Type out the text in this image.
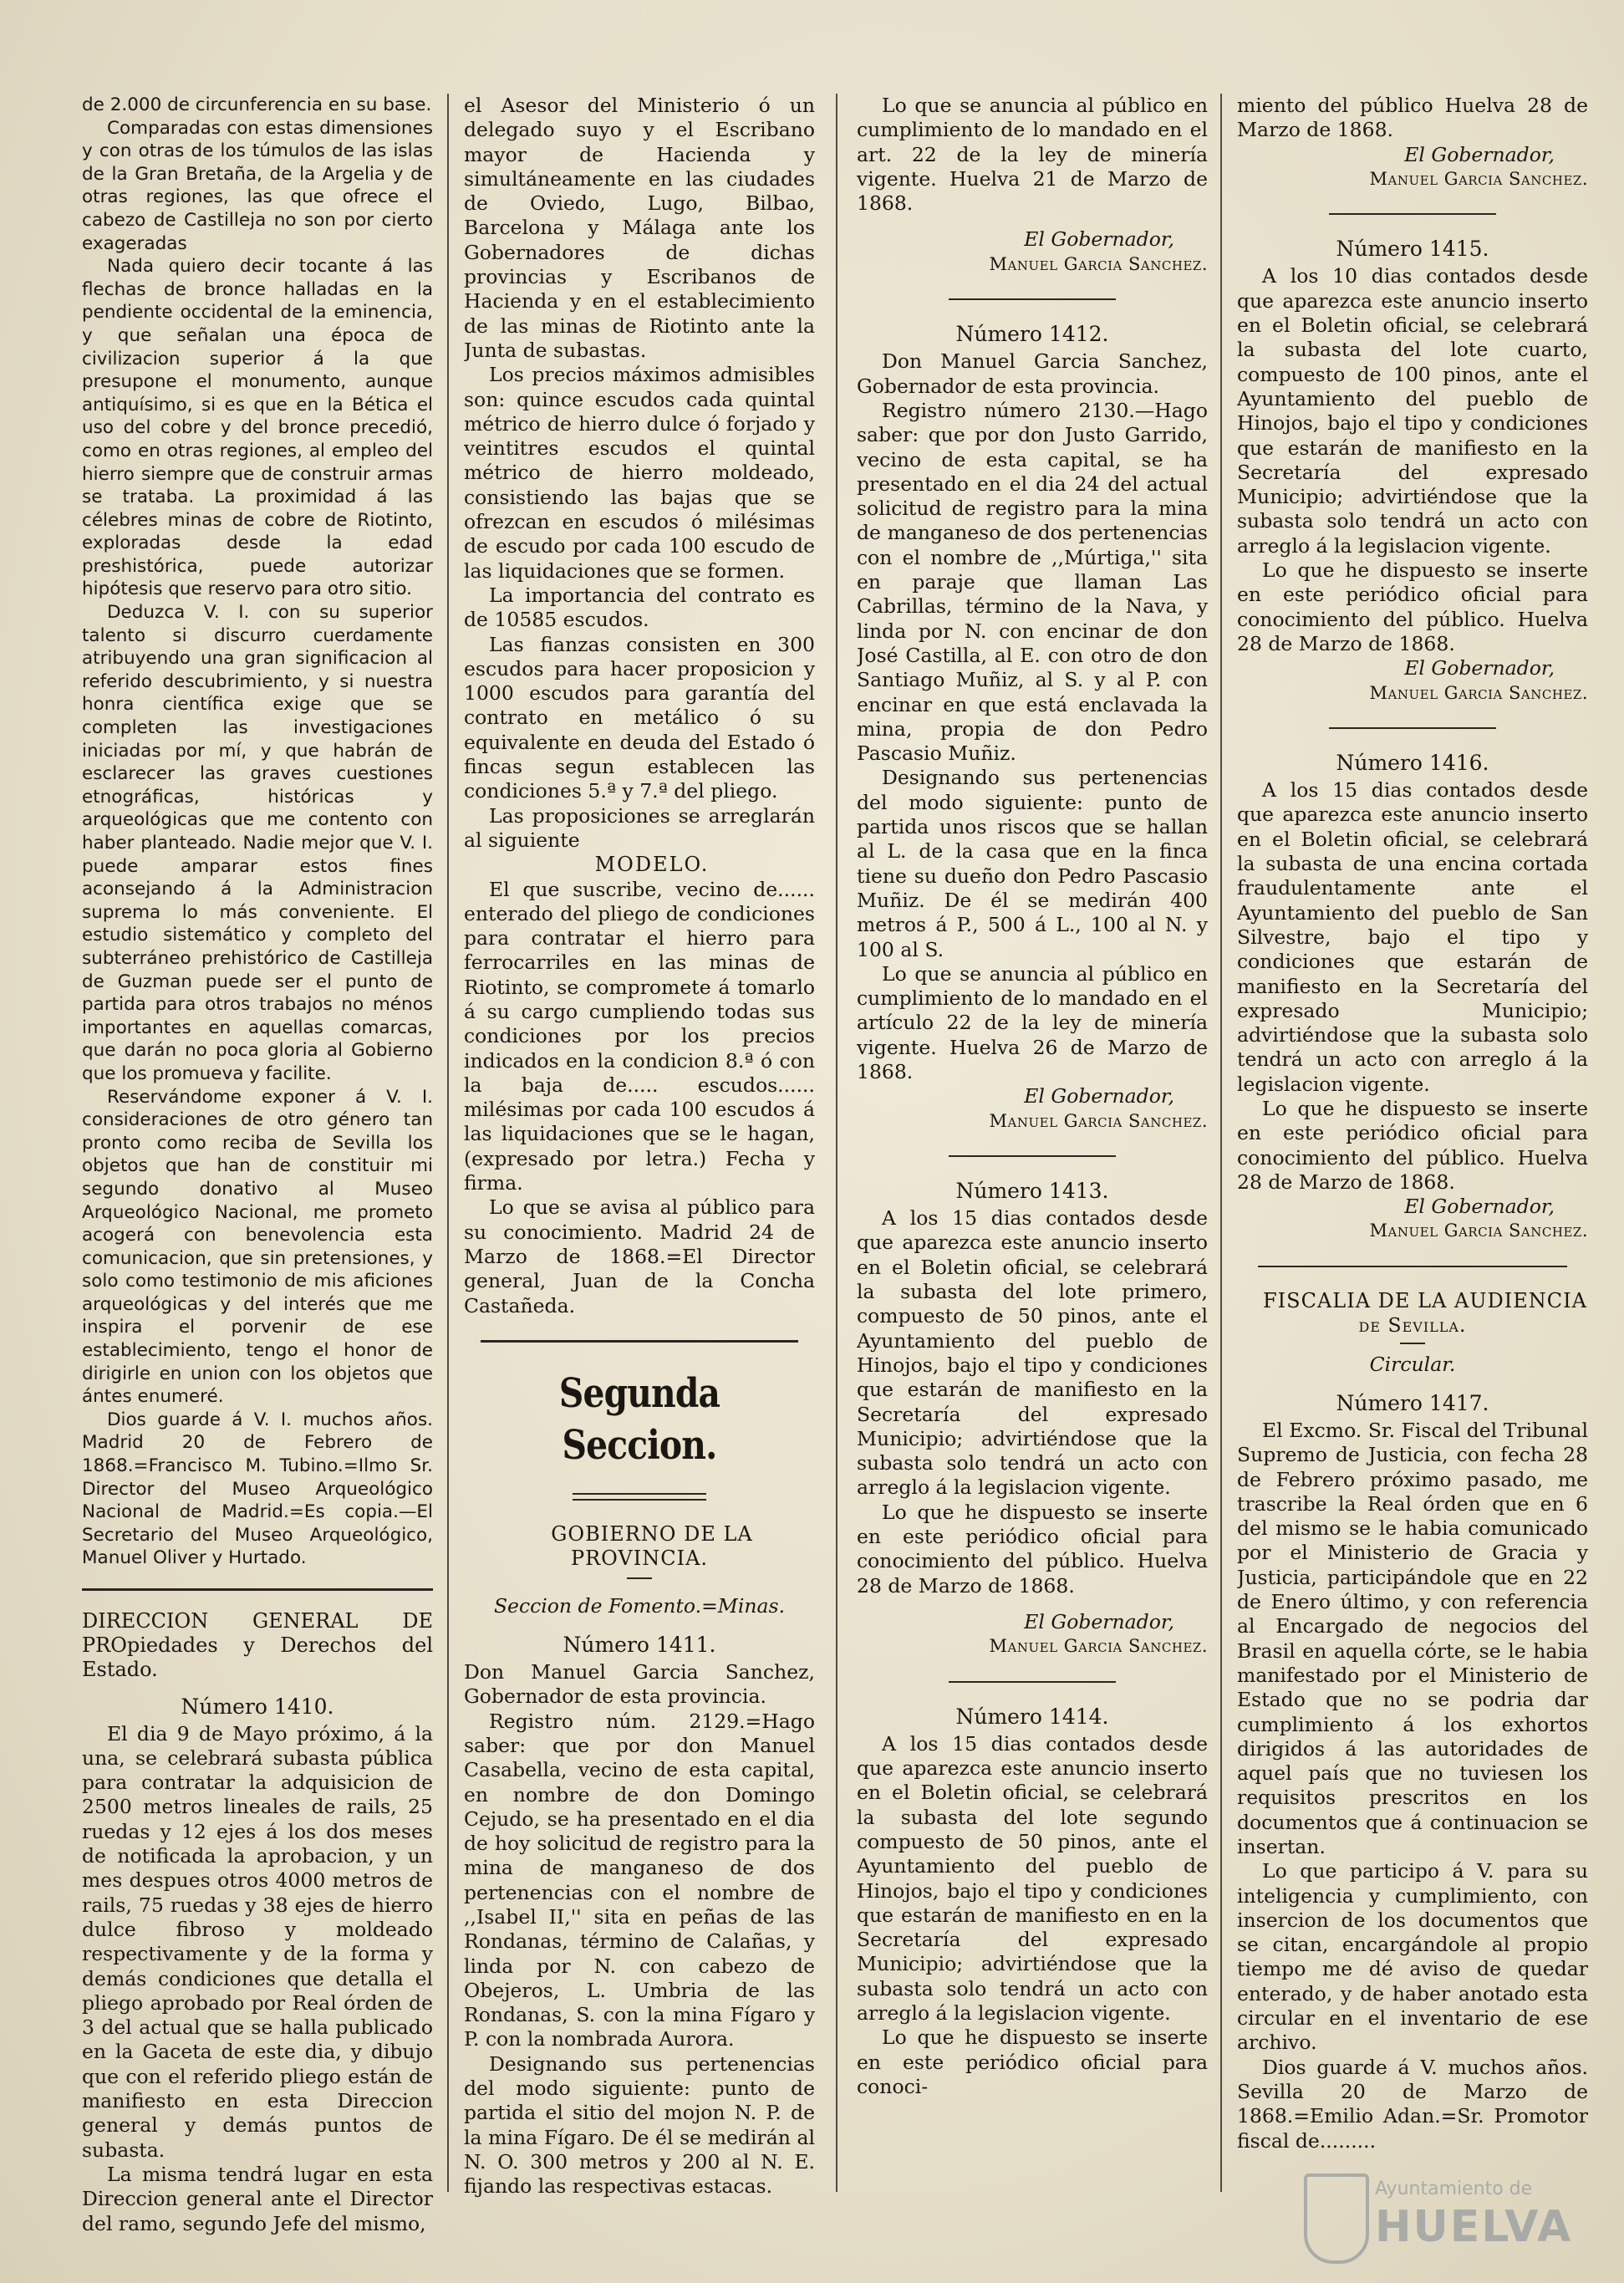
de 2.000 de circunferencia en su base.

Comparadas con estas dimensiones y con otras de los túmulos de las islas de la Gran Bretaña, de la Argelia y de otras regiones, las que ofrece el cabezo de Castilleja no son por cierto exageradas

Nada quiero decir tocante á las flechas de bronce halladas en la pendiente occidental de la eminencia, y que señalan una época de civilizacion superior á la que presupone el monumento, aunque antiquísimo, si es que en la Bética el uso del cobre y del bronce precedió, como en otras regiones, al empleo del hierro siempre que de construir armas se trataba. La proximidad á las célebres minas de cobre de Riotinto, exploradas desde la edad preshistórica, puede autorizar hipótesis que reservo para otro sitio.

Deduzca V. I. con su superior talento si discurro cuerdamente atribuyendo una gran significacion al referido descubrimiento, y si nuestra honra científica exige que se completen las investigaciones iniciadas por mí, y que habrán de esclarecer las graves cuestiones etnográficas, históricas y arqueológicas que me contento con haber planteado. Nadie mejor que V. I. puede amparar estos fines aconsejando á la Administracion suprema lo más conveniente. El estudio sistemático y completo del subterráneo prehistórico de Castilleja de Guzman puede ser el punto de partida para otros trabajos no ménos importantes en aquellas comarcas, que darán no poca gloria al Gobierno que los promueva y facilite.

Reservándome exponer á V. I. consideraciones de otro género tan pronto como reciba de Sevilla los objetos que han de constituir mi segundo donativo al Museo Arqueológico Nacional, me prometo acogerá con benevolencia esta comunicacion, que sin pretensiones, y solo como testimonio de mis aficiones arqueológicas y del interés que me inspira el porvenir de ese establecimiento, tengo el honor de dirigirle en union con los objetos que ántes enumeré.

Dios guarde á V. I. muchos años. Madrid 20 de Febrero de 1868.=Francisco M. Tubino.=Ilmo Sr. Director del Museo Arqueológico Nacional de Madrid.=Es copia.—El Secretario del Museo Arqueológico, Manuel Oliver y Hurtado.

DIRECCION GENERAL DE PROpiedades y Derechos del Estado.

Número 1410.

El dia 9 de Mayo próximo, á la una, se celebrará subasta pública para contratar la adquisicion de 2500 metros lineales de rails, 25 ruedas y 12 ejes á los dos meses de notificada la aprobacion, y un mes despues otros 4000 metros de rails, 75 ruedas y 38 ejes de hierro dulce fibroso y moldeado respectivamente y de la forma y demás condiciones que detalla el pliego aprobado por Real órden de 3 del actual que se halla publicado en la Gaceta de este dia, y dibujo que con el referido pliego están de manifiesto en esta Direccion general y demás puntos de subasta.

La misma tendrá lugar en esta Direccion general ante el Director del ramo, segundo Jefe del mismo,

el Asesor del Ministerio ó un delegado suyo y el Escribano mayor de Hacienda y simultáneamente en las ciudades de Oviedo, Lugo, Bilbao, Barcelona y Málaga ante los Gobernadores de dichas provincias y Escribanos de Hacienda y en el establecimiento de las minas de Riotinto ante la Junta de subastas.

Los precios máximos admisibles son: quince escudos cada quintal métrico de hierro dulce ó forjado y veintitres escudos el quintal métrico de hierro moldeado, consistiendo las bajas que se ofrezcan en escudos ó milésimas de escudo por cada 100 escudo de las liquidaciones que se formen.

La importancia del contrato es de 10585 escudos.

Las fianzas consisten en 300 escudos para hacer proposicion y 1000 escudos para garantía del contrato en metálico ó su equivalente en deuda del Estado ó fincas segun establecen las condiciones 5.ª y 7.ª del pliego.

Las proposiciones se arreglarán al siguiente

MODELO.

El que suscribe, vecino de...... enterado del pliego de condiciones para contratar el hierro para ferrocarriles en las minas de Riotinto, se compromete á tomarlo á su cargo cumpliendo todas sus condiciones por los precios indicados en la condicion 8.ª ó con la baja de..... escudos...... milésimas por cada 100 escudos á las liquidaciones que se le hagan, (expresado por letra.) Fecha y firma.

Lo que se avisa al público para su conocimiento. Madrid 24 de Marzo de 1868.=El Director general, Juan de la Concha Castañeda.

Segunda Seccion.

GOBIERNO DE LA PROVINCIA.

Seccion de Fomento.=Minas.

Número 1411.

Don Manuel Garcia Sanchez, Gobernador de esta provincia.

Registro núm. 2129.=Hago saber: que por don Manuel Casabella, vecino de esta capital, en nombre de don Domingo Cejudo, se ha presentado en el dia de hoy solicitud de registro para la mina de manganeso de dos pertenencias con el nombre de ,,Isabel II,'' sita en peñas de las Rondanas, término de Calañas, y linda por N. con cabezo de Obejeros, L. Umbria de las Rondanas, S. con la mina Fígaro y P. con la nombrada Aurora.

Designando sus pertenencias del modo siguiente: punto de partida el sitio del mojon N. P. de la mina Fígaro. De él se medirán al N. O. 300 metros y 200 al N. E. fijando las respectivas estacas.

Lo que se anuncia al público en cumplimiento de lo mandado en el art. 22 de la ley de minería vigente. Huelva 21 de Marzo de 1868.

El Gobernador,

Manuel Garcia Sanchez.

Número 1412.

Don Manuel Garcia Sanchez, Gobernador de esta provincia.

Registro número 2130.—Hago saber: que por don Justo Garrido, vecino de esta capital, se ha presentado en el dia 24 del actual solicitud de registro para la mina de manganeso de dos pertenencias con el nombre de ,,Múrtiga,'' sita en paraje que llaman Las Cabrillas, término de la Nava, y linda por N. con encinar de don José Castilla, al E. con otro de don Santiago Muñiz, al S. y al P. con encinar en que está enclavada la mina, propia de don Pedro Pascasio Muñiz.

Designando sus pertenencias del modo siguiente: punto de partida unos riscos que se hallan al L. de la casa que en la finca tiene su dueño don Pedro Pascasio Muñiz. De él se medirán 400 metros á P., 500 á L., 100 al N. y 100 al S.

Lo que se anuncia al público en cumplimiento de lo mandado en el artículo 22 de la ley de minería vigente. Huelva 26 de Marzo de 1868.

El Gobernador,

Manuel Garcia Sanchez.

Número 1413.

A los 15 dias contados desde que aparezca este anuncio inserto en el Boletin oficial, se celebrará la subasta del lote primero, compuesto de 50 pinos, ante el Ayuntamiento del pueblo de Hinojos, bajo el tipo y condiciones que estarán de manifiesto en la Secretaría del expresado Municipio; advirtiéndose que la subasta solo tendrá un acto con arreglo á la legislacion vigente.

Lo que he dispuesto se inserte en este periódico oficial para conocimiento del público. Huelva 28 de Marzo de 1868.

El Gobernador,

Manuel Garcia Sanchez.

Número 1414.

A los 15 dias contados desde que aparezca este anuncio inserto en el Boletin oficial, se celebrará la subasta del lote segundo compuesto de 50 pinos, ante el Ayuntamiento del pueblo de Hinojos, bajo el tipo y condiciones que estarán de manifiesto en en la Secretaría del expresado Municipio; advirtiéndose que la subasta solo tendrá un acto con arreglo á la legislacion vigente.

Lo que he dispuesto se inserte en este periódico oficial para conoci-

miento del público Huelva 28 de Marzo de 1868.

El Gobernador,

Manuel Garcia Sanchez.

Número 1415.

A los 10 dias contados desde que aparezca este anuncio inserto en el Boletin oficial, se celebrará la subasta del lote cuarto, compuesto de 100 pinos, ante el Ayuntamiento del pueblo de Hinojos, bajo el tipo y condiciones que estarán de manifiesto en la Secretaría del expresado Municipio; advirtiéndose que la subasta solo tendrá un acto con arreglo á la legislacion vigente.

Lo que he dispuesto se inserte en este periódico oficial para conocimiento del público. Huelva 28 de Marzo de 1868.

El Gobernador,

Manuel Garcia Sanchez.

Número 1416.

A los 15 dias contados desde que aparezca este anuncio inserto en el Boletin oficial, se celebrará la subasta de una encina cortada fraudulentamente ante el Ayuntamiento del pueblo de San Silvestre, bajo el tipo y condiciones que estarán de manifiesto en la Secretaría del expresado Municipio; advirtiéndose que la subasta solo tendrá un acto con arreglo á la legislacion vigente.

Lo que he dispuesto se inserte en este periódico oficial para conocimiento del público. Huelva 28 de Marzo de 1868.

El Gobernador,

Manuel Garcia Sanchez.

FISCALIA DE LA AUDIENCIA

de Sevilla.

Circular.

Número 1417.

El Excmo. Sr. Fiscal del Tribunal Supremo de Justicia, con fecha 28 de Febrero próximo pasado, me trascribe la Real órden que en 6 del mismo se le habia comunicado por el Ministerio de Gracia y Justicia, participándole que en 22 de Enero último, y con referencia al Encargado de negocios del Brasil en aquella córte, se le habia manifestado por el Ministerio de Estado que no se podria dar cumplimiento á los exhortos dirigidos á las autoridades de aquel país que no tuviesen los requisitos prescritos en los documentos que á continuacion se insertan.

Lo que participo á V. para su inteligencia y cumplimiento, con insercion de los documentos que se citan, encargándole al propio tiempo me dé aviso de quedar enterado, y de haber anotado esta circular en el inventario de ese archivo.

Dios guarde á V. muchos años. Sevilla 20 de Marzo de 1868.=Emilio Adan.=Sr. Promotor fiscal de.........

Ayuntamiento de
HUELVA
